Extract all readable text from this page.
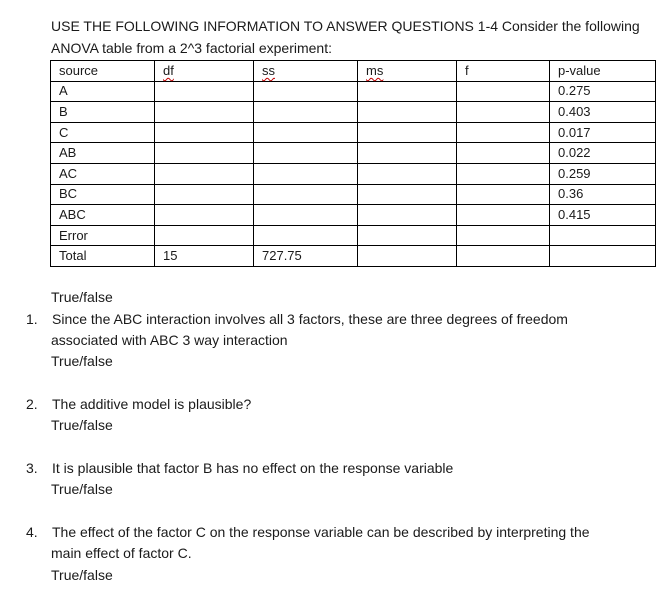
USE THE FOLLOWING INFORMATION TO ANSWER QUESTIONS 1-4 Consider the following
ANOVA table from a 2^3 factorial experiment:
source	df	ss	ms	f	p-value
A					0.275
B					0.403
C					0.017
AB					0.022
AC					0.259
BC					0.36
ABC					0.415
Error					
Total	15	727.75			
True/false
1. Since the ABC interaction involves all 3 factors, these are three degrees of freedom
associated with ABC 3 way interaction
True/false
2. The additive model is plausible?
True/false
3. It is plausible that factor B has no effect on the response variable
True/false
4. The effect of the factor C on the response variable can be described by interpreting the
main effect of factor C.
True/false
